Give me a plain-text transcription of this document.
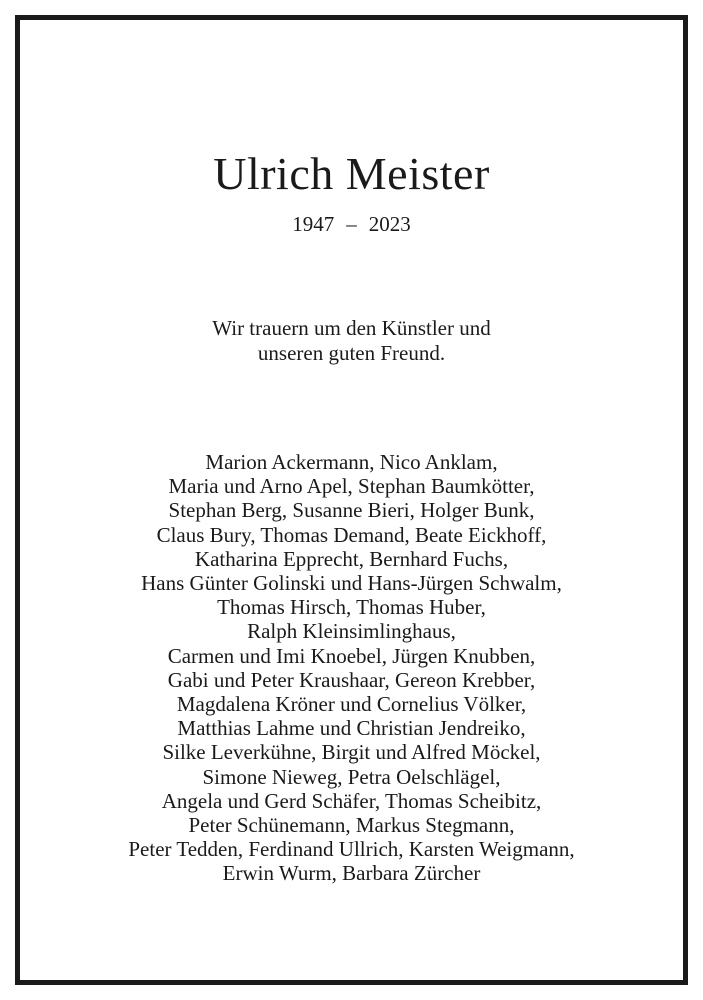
Ulrich Meister
1947 – 2023
Wir trauern um den Künstler und
unseren guten Freund.
Marion Ackermann, Nico Anklam,
Maria und Arno Apel, Stephan Baumkötter,
Stephan Berg, Susanne Bieri, Holger Bunk,
Claus Bury, Thomas Demand, Beate Eickhoff,
Katharina Epprecht, Bernhard Fuchs,
Hans Günter Golinski und Hans-Jürgen Schwalm,
Thomas Hirsch, Thomas Huber,
Ralph Kleinsimlinghaus,
Carmen und Imi Knoebel, Jürgen Knubben,
Gabi und Peter Kraushaar, Gereon Krebber,
Magdalena Kröner und Cornelius Völker,
Matthias Lahme und Christian Jendreiko,
Silke Leverkühne, Birgit und Alfred Möckel,
Simone Nieweg, Petra Oelschlägel,
Angela und Gerd Schäfer, Thomas Scheibitz,
Peter Schünemann, Markus Stegmann,
Peter Tedden, Ferdinand Ullrich, Karsten Weigmann,
Erwin Wurm, Barbara Zürcher
